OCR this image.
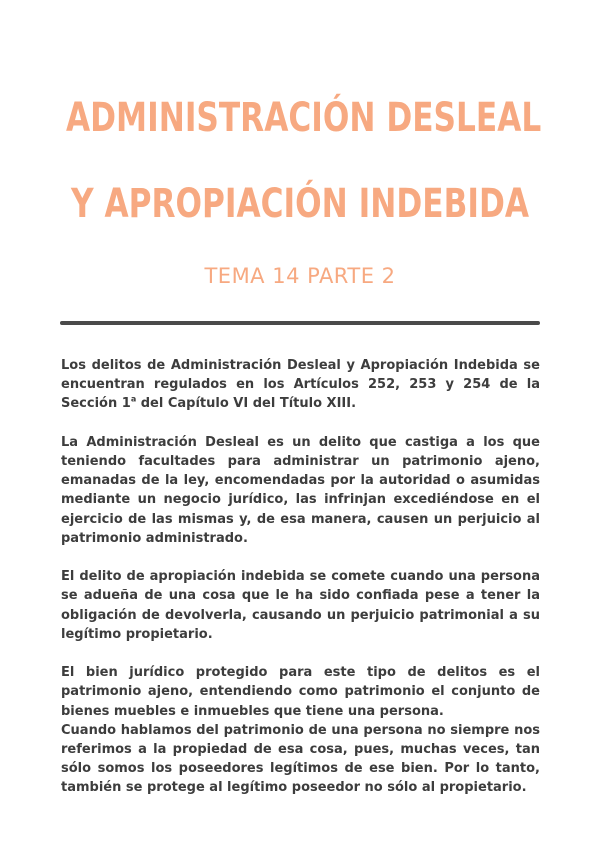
ADMINISTRACIÓN DESLEAL
Y APROPIACIÓN INDEBIDA
TEMA 14 PARTE 2

Los delitos de Administración Desleal y Apropiación Indebida se encuentran regulados en los Artículos 252, 253 y 254 de la Sección 1$^a$ del Capítulo VI del Título XIII.

La Administración Desleal es un delito que castiga a los que teniendo facultades para administrar un patrimonio ajeno, emanadas de la ley, encomendadas por la autoridad o asumidas mediante un negocio jurídico, las infrinjan excediéndose en el ejercicio de las mismas y, de esa manera, causen un perjuicio al patrimonio administrado.

El delito de apropiación indebida se comete cuando una persona se adueña de una cosa que le ha sido confiada pese a tener la obligación de devolverla, causando un perjuicio patrimonial a su legítimo propietario.

El bien jurídico protegido para este tipo de delitos es el patrimonio ajeno, entendiendo como patrimonio el conjunto de bienes muebles e inmuebles que tiene una persona.

Cuando hablamos del patrimonio de una persona no siempre nos referimos a la propiedad de esa cosa, pues, muchas veces, tan sólo somos los poseedores legítimos de ese bien. Por lo tanto, también se protege al legítimo poseedor no sólo al propietario.
